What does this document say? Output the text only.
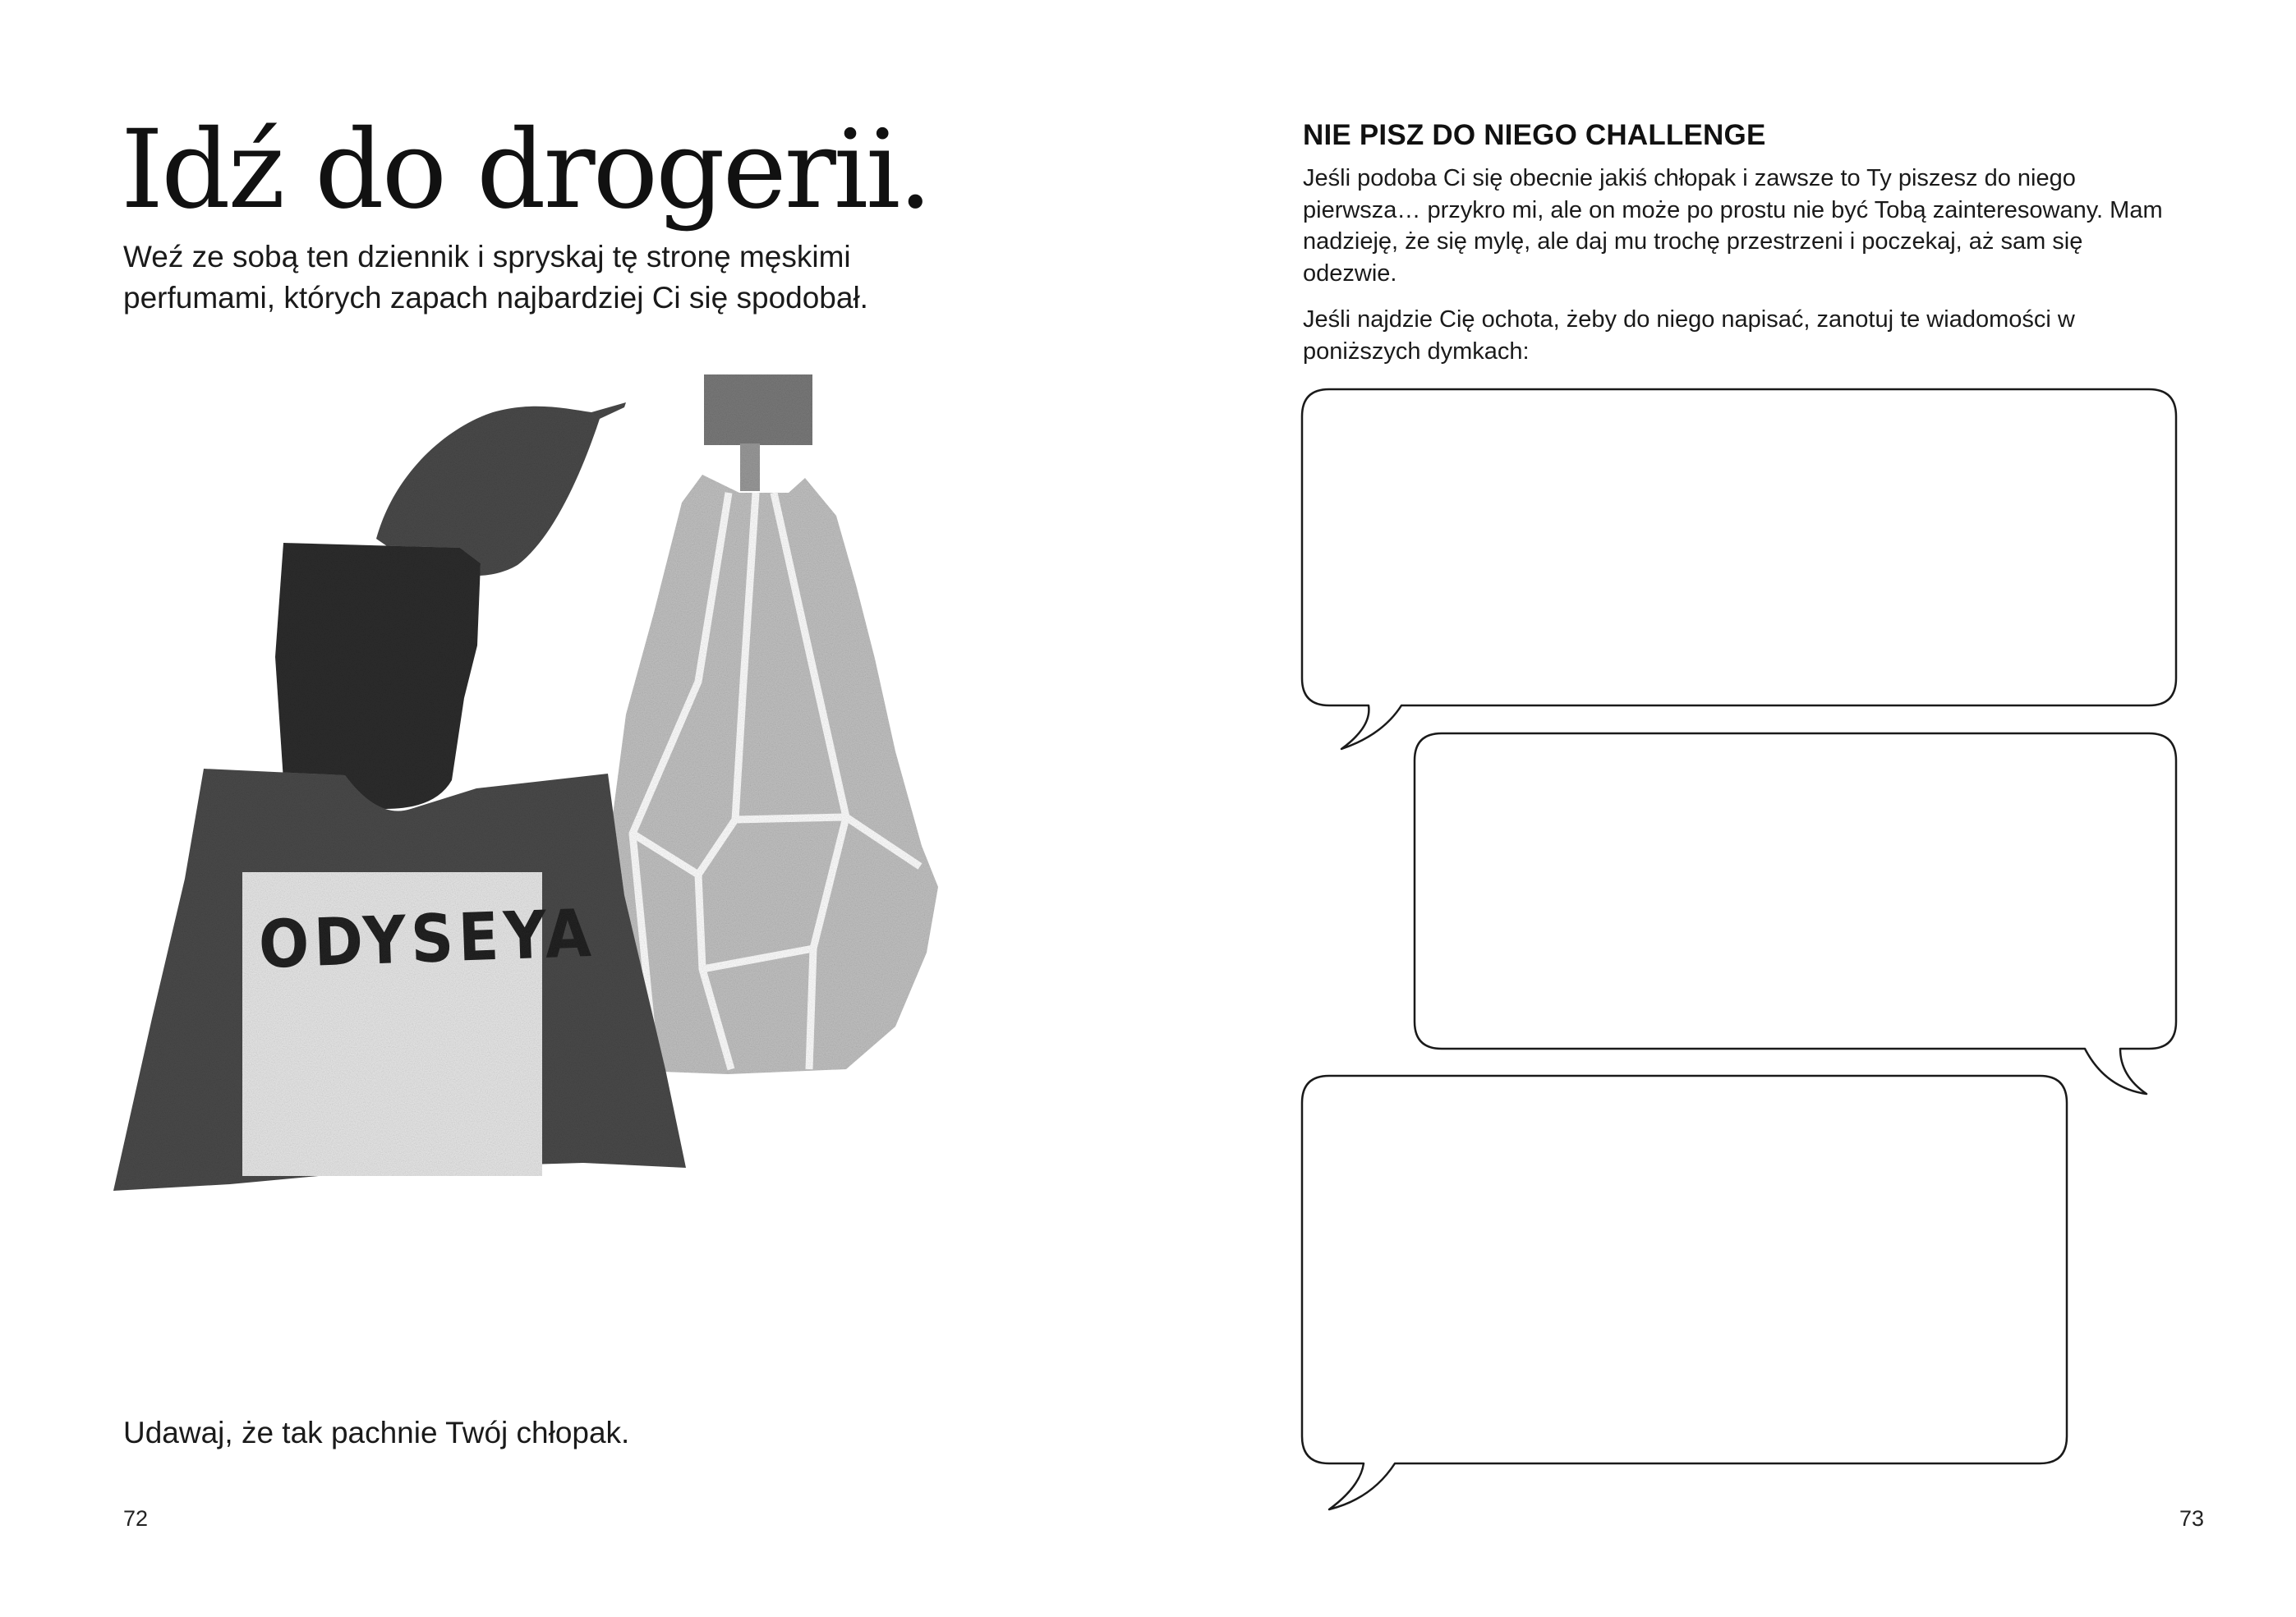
Idź do drogerii.

Weź ze sobą ten dziennik i spryskaj tę stronę męskimi perfumami, których zapach najbardziej Ci się spodobał.

ODYSEYA

Udawaj, że tak pachnie Twój chłopak.

72
NIE PISZ DO NIEGO CHALLENGE

Jeśli podoba Ci się obecnie jakiś chłopak i zawsze to Ty piszesz do niego pierwsza… przykro mi, ale on może po prostu nie być Tobą zainteresowany. Mam nadzieję, że się mylę, ale daj mu trochę przestrzeni i poczekaj, aż sam się odezwie.

Jeśli najdzie Cię ochota, żeby do niego napisać, zanotuj te wiadomości w poniższych dymkach:

73
